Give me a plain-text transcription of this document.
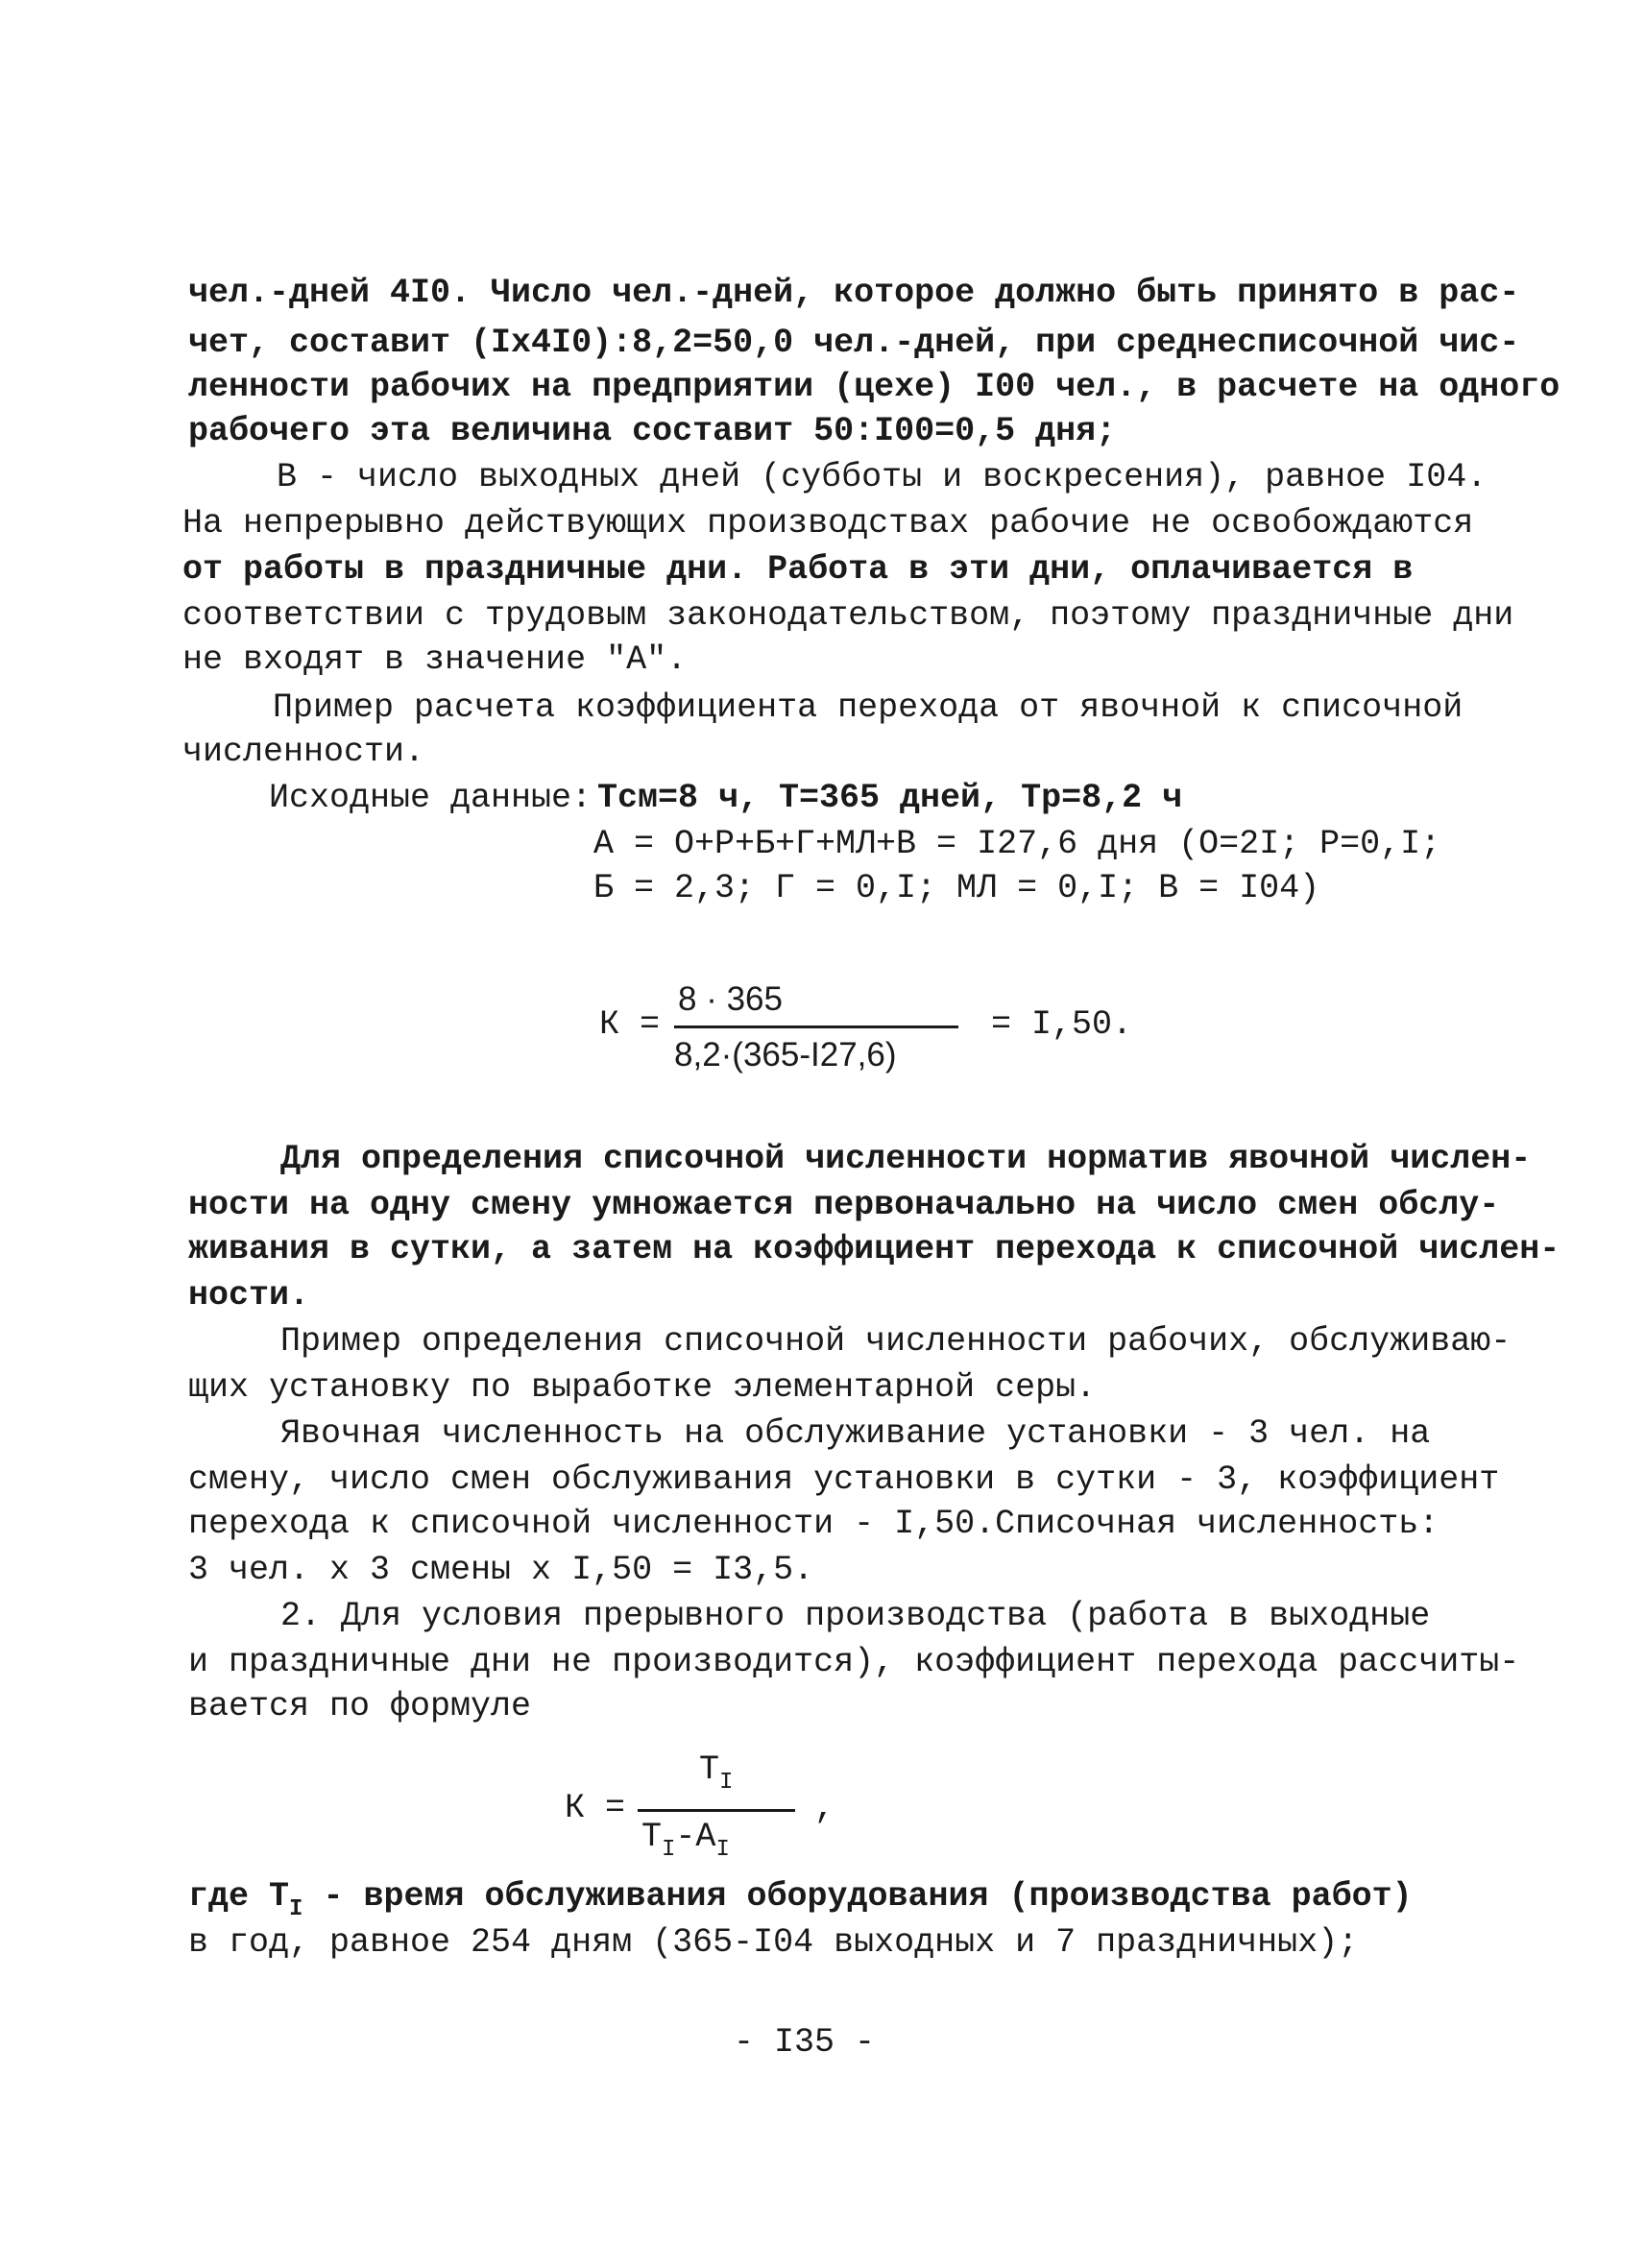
чел.-дней 4I0. Число чел.-дней, которое должно быть принято в рас-
чет, составит (Iх4I0):8,2=50,0 чел.-дней, при среднесписочной чис-
ленности рабочих на предприятии (цехе) I00 чел., в расчете на одного
рабочего эта величина составит 50:I00=0,5 дня;
В - число выходных дней (субботы и воскресения), равное I04.
На непрерывно действующих производствах рабочие не освобождаются
от работы в праздничные дни. Работа в эти дни, оплачивается в
соответствии с трудовым законодательством, поэтому праздничные дни
не входят в значение "А".
Пример расчета коэффициента перехода от явочной к списочной
численности.
Исходные данные: Тсм=8 ч, Т=365 дней, Тр=8,2 ч
А = О+Р+Б+Г+МЛ+В = I27,6 дня (О=2I; Р=0,I;
Б = 2,3; Г = 0,I; МЛ = 0,I; В = I04)
К =
8 · 365
8,2·(365-I27,6)
= I,50.
Для определения списочной численности норматив явочной числен-
ности на одну смену умножается первоначально на число смен обслу-
живания в сутки, а затем на коэффициент перехода к списочной числен-
ности.
Пример определения списочной численности рабочих, обслуживаю-
щих установку по выработке элементарной серы.
Явочная численность на обслуживание установки - 3 чел. на
смену, число смен обслуживания установки в сутки - 3, коэффициент
перехода к списочной численности - I,50.Списочная численность:
3 чел. х 3 смены х I,50 = I3,5.
2. Для условия прерывного производства (работа в выходные
и праздничные дни не производится), коэффициент перехода рассчиты-
вается по формуле
К =
$Т_I$
$Т_I-А_I$
,
где $Т_I$ - время обслуживания оборудования (производства работ)
в год, равное 254 дням (365-I04 выходных и 7 праздничных);
- I35 -
